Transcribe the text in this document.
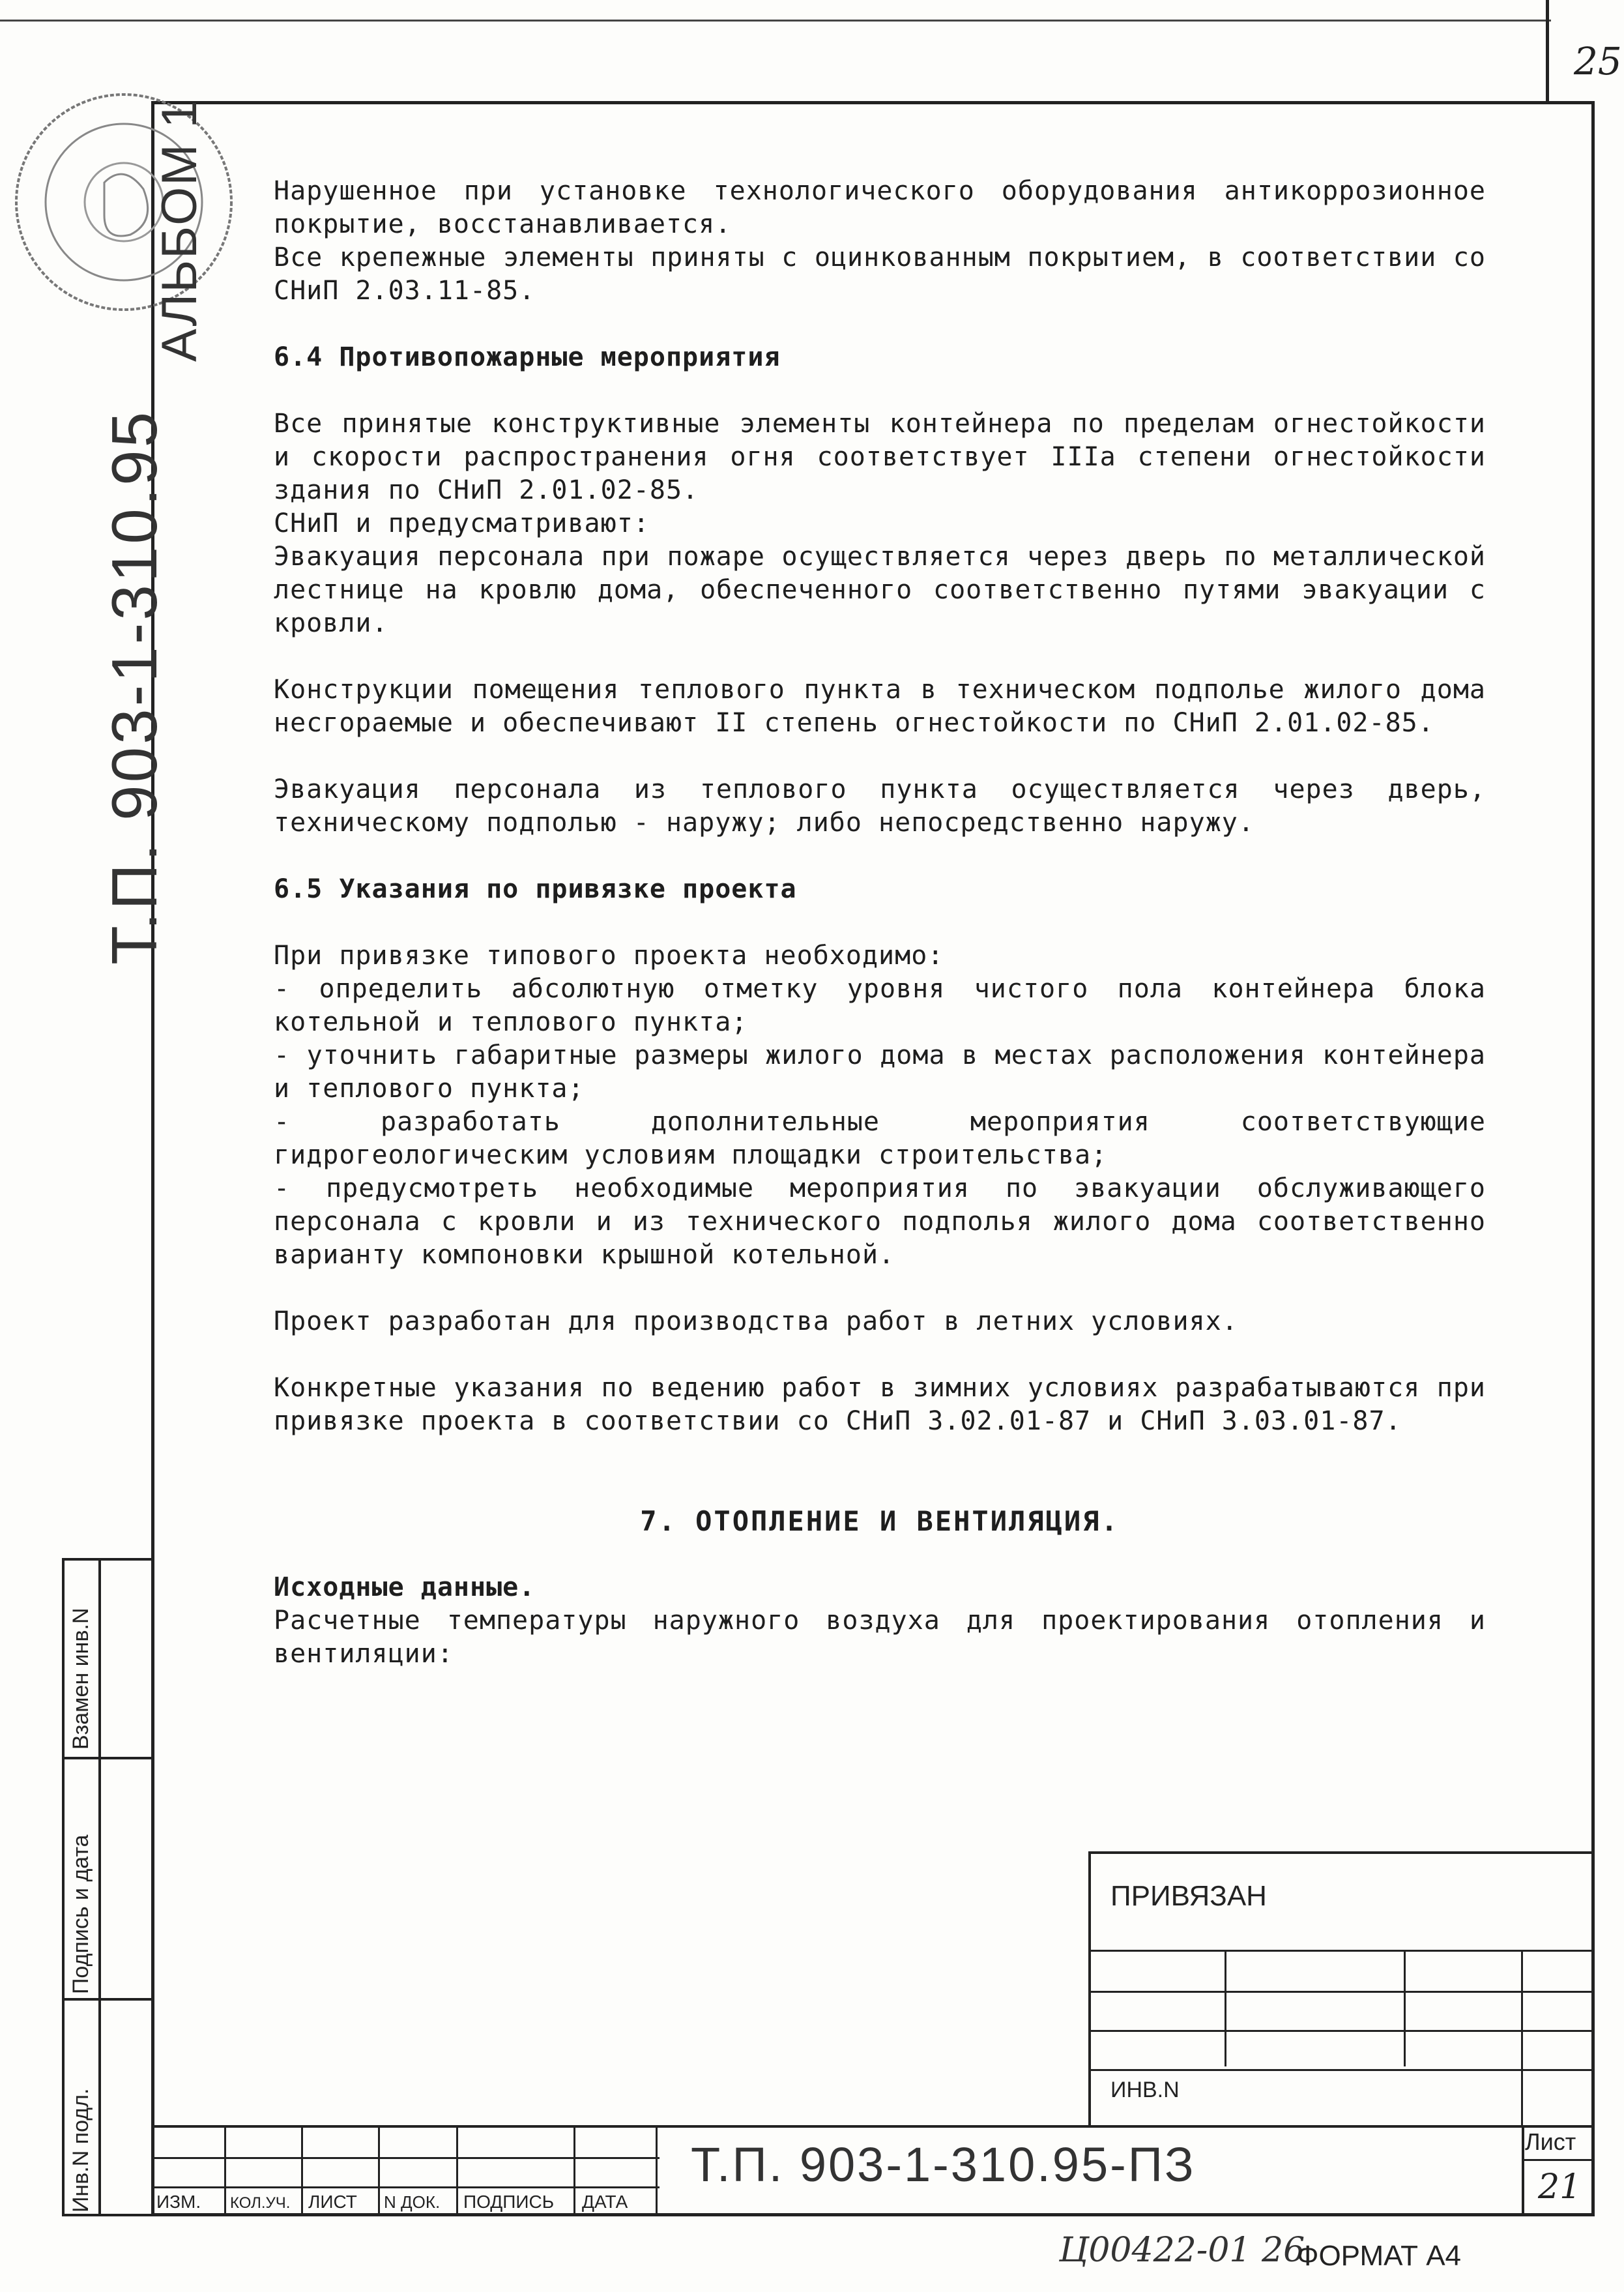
25
АЛЬБОМ 1
Т.П. 903-1-310.95
Взамен инв.N
Подпись и дата
Инв.N подл.

Нарушенное при установке технологического оборудования антикоррозионное покрытие, восстанавливается.

Все крепежные элементы приняты с оцинкованным покрытием, в соответствии со СНиП 2.03.11-85.

6.4 Противопожарные мероприятия

Все принятые конструктивные элементы контейнера по пределам огнестойкости и скорости распространения огня соответствует IIIа степени огнестойкости здания по СНиП 2.01.02-85.

СНиП и предусматривают:

Эвакуация персонала при пожаре осуществляется через дверь по металлической лестнице на кровлю дома, обеспеченного соответственно путями эвакуации с кровли.

Конструкции помещения теплового пункта в техническом подполье жилого дома несгораемые и обеспечивают II степень огнестойкости по СНиП 2.01.02-85.

Эвакуация персонала из теплового пункта осуществляется через дверь, техническому подполью - наружу; либо непосредственно наружу.

6.5 Указания по привязке проекта

При привязке типового проекта необходимо:

- определить абсолютную отметку уровня чистого пола контейнера блока котельной и теплового пункта;

- уточнить габаритные размеры жилого дома в местах расположения контейнера и теплового пункта;

- разработать дополнительные мероприятия соответствующие гидрогеологическим условиям площадки строительства;

- предусмотреть необходимые мероприятия по эвакуации обслуживающего персонала с кровли и из технического подполья жилого дома соответственно варианту компоновки крышной котельной.

Проект разработан для производства работ в летних условиях.

Конкретные указания по ведению работ в зимних условиях разрабатываются при привязке проекта в соответствии со СНиП 3.02.01-87 и СНиП 3.03.01-87.

7. ОТОПЛЕНИЕ И ВЕНТИЛЯЦИЯ.
Исходные данные.

Расчетные температуры наружного воздуха для проектирования отопления и вентиляции:

ПРИВЯЗАН
ИНВ.N
ИЗМ. КОЛ.УЧ. ЛИСТ N ДОК. ПОДПИСЬ ДАТА
Т.П. 903-1-310.95-ПЗ	Лист
21
Ц00422-01 26
ФОРМАТ А4
